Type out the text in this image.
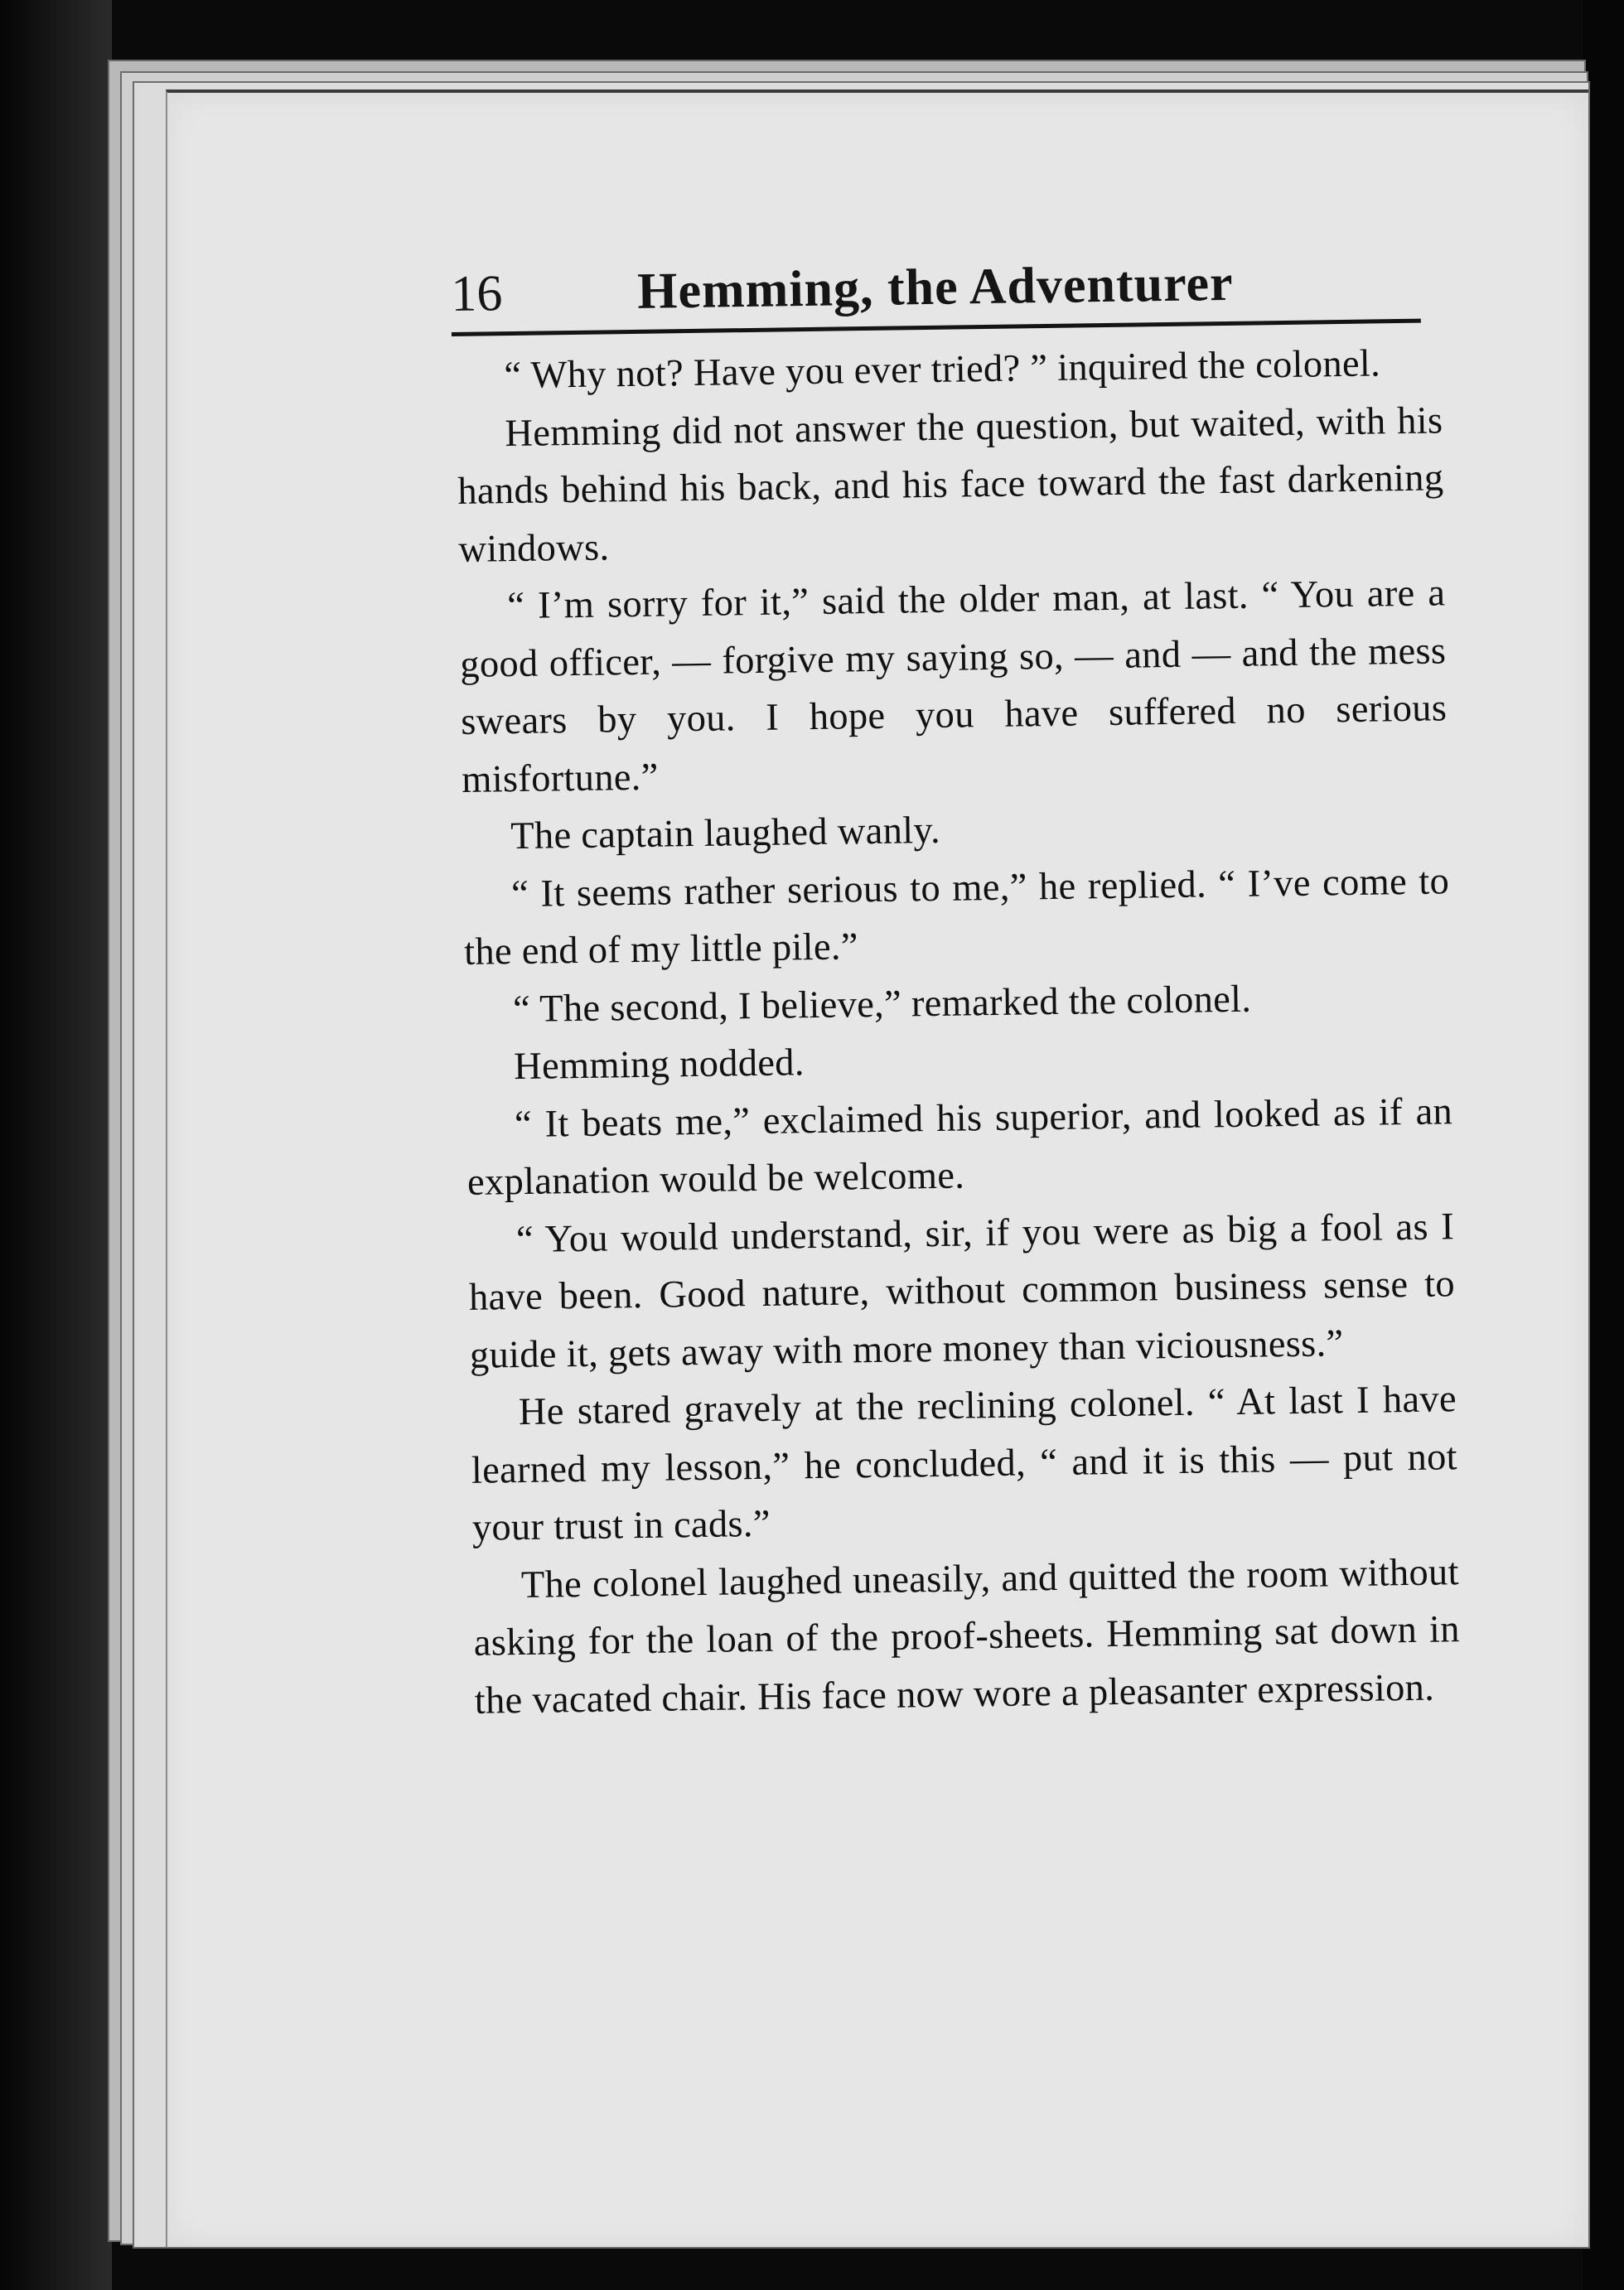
16	Hemming, the Adventurer

“ Why not? Have you ever tried? ” inquired the colonel.

Hemming did not answer the question, but waited, with his hands behind his back, and his face toward the fast darkening windows.

“ I’m sorry for it,” said the older man, at last. “ You are a good officer, — forgive my saying so, — and — and the mess swears by you. I hope you have suffered no serious misfortune.”

The captain laughed wanly.

“ It seems rather serious to me,” he replied. “ I’ve come to the end of my little pile.”

“ The second, I believe,” remarked the colonel.

Hemming nodded.

“ It beats me,” exclaimed his superior, and looked as if an explanation would be welcome.

“ You would understand, sir, if you were as big a fool as I have been. Good nature, without common business sense to guide it, gets away with more money than viciousness.”

He stared gravely at the reclining colonel. “ At last I have learned my lesson,” he concluded, “ and it is this — put not your trust in cads.”

The colonel laughed uneasily, and quitted the room without asking for the loan of the proof-sheets. Hemming sat down in the vacated chair. His face now wore a pleasanter expression.
